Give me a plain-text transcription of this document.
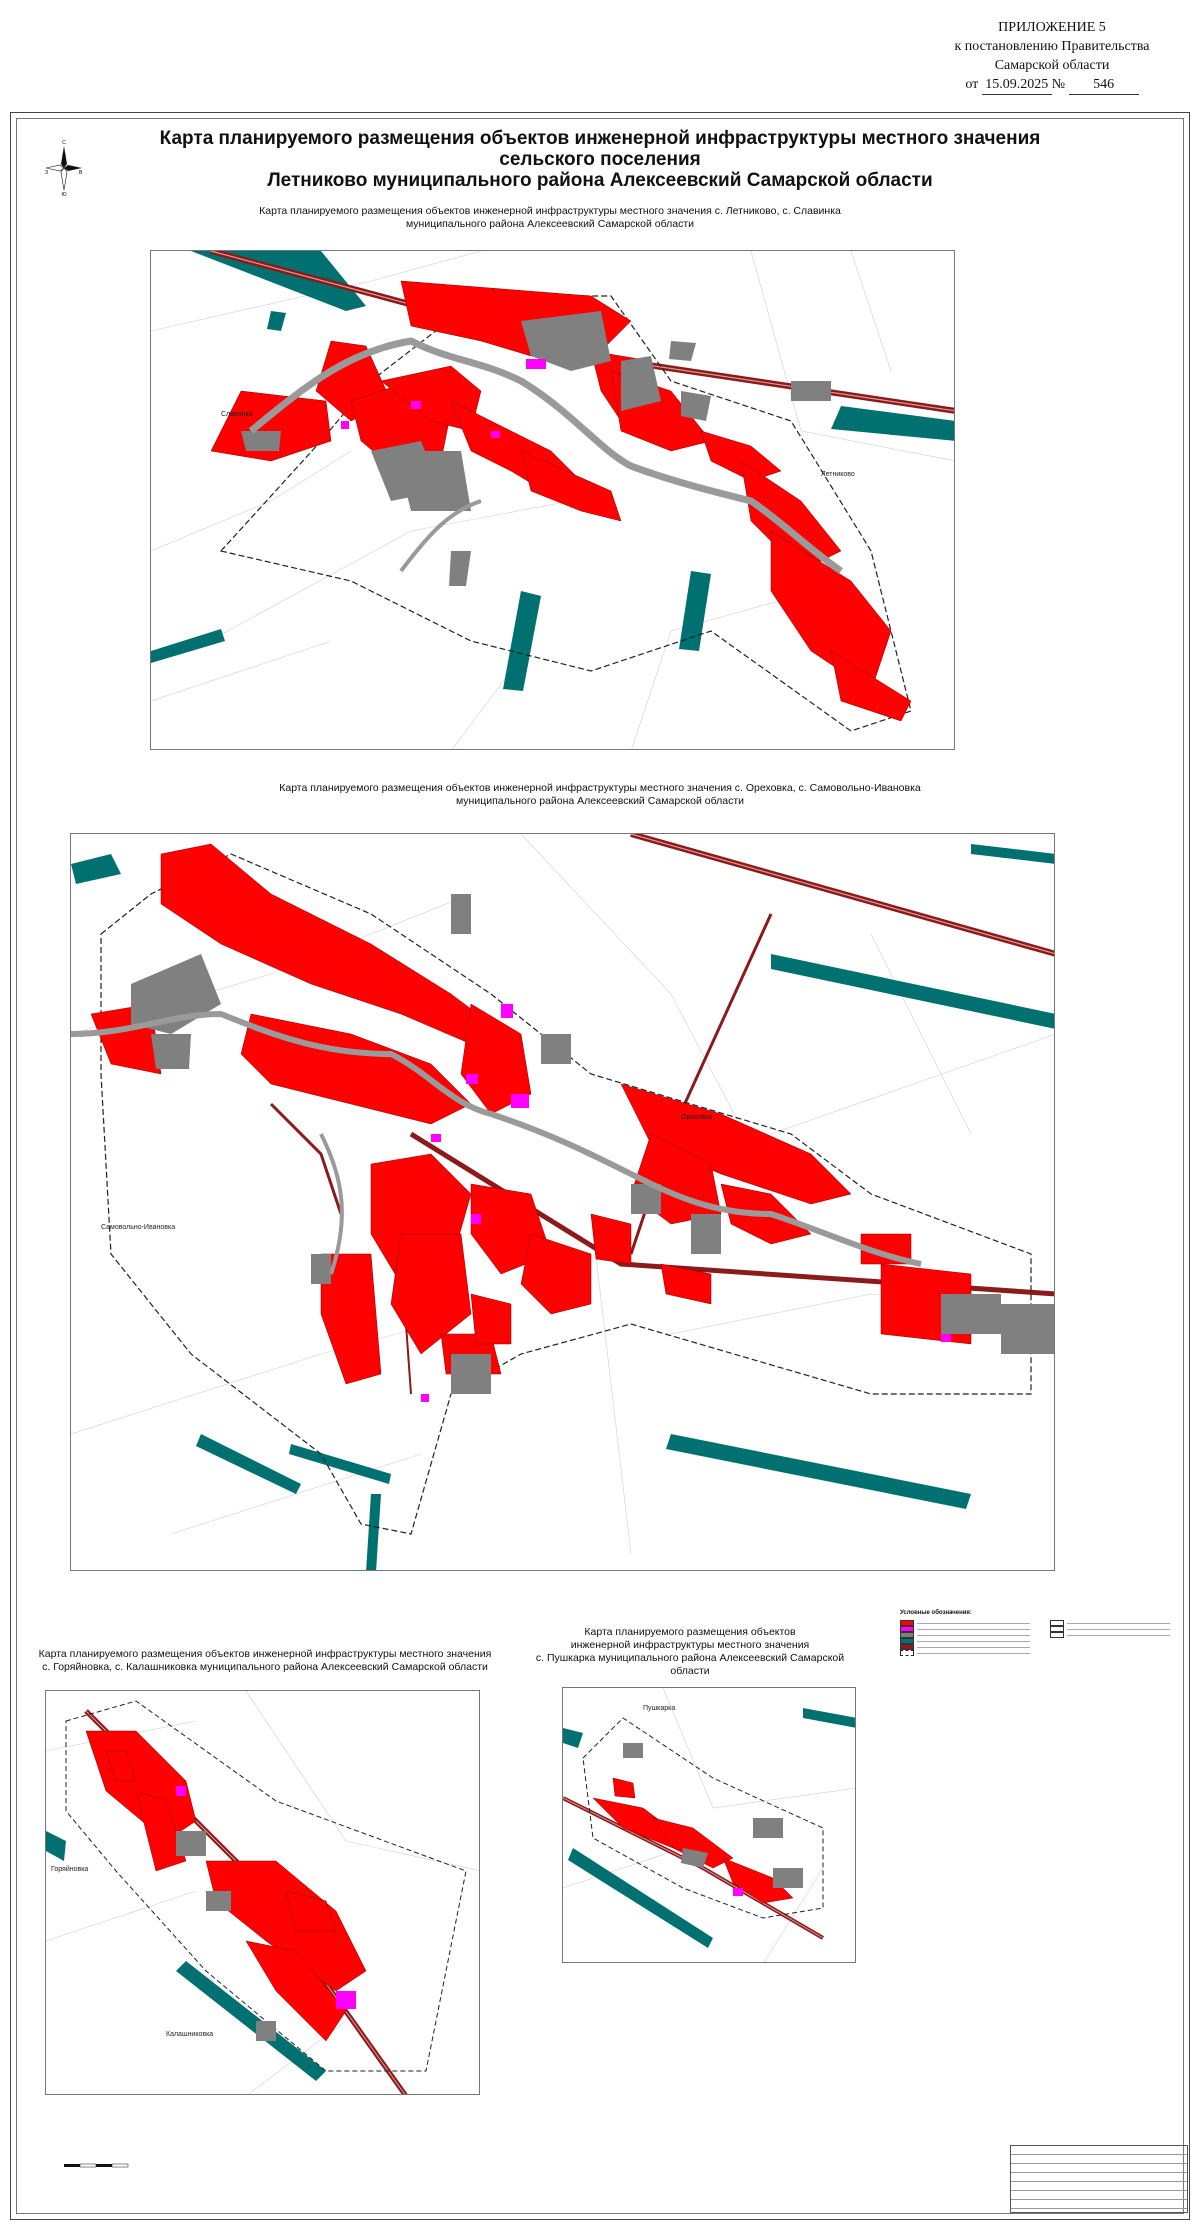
ПРИЛОЖЕНИЕ 5
к постановлению Правительства
Самарской области
от 15.09.2025 № 546
С
Ю
З	В
Карта планируемого размещения объектов инженерной инфраструктуры местного значения сельского поселения
Летниково муниципального района Алексеевский Самарской области
Карта планируемого размещения объектов инженерной инфраструктуры местного значения с. Летниково, с. Славинка
муниципального района Алексеевский Самарской области
Славинка
Летниково
Карта планируемого размещения объектов инженерной инфраструктуры местного значения с. Ореховка, с. Самовольно-Ивановка
муниципального района Алексеевский Самарской области
Самовольно-Ивановка
Ореховка
Карта планируемого размещения объектов инженерной инфраструктуры местного значения
с. Горяйновка, с. Калашниковка муниципального района Алексеевский Самарской области
Горяйновка
Калашниковка
Карта планируемого размещения объектов
инженерной инфраструктуры местного значения
с. Пушкарка муниципального района Алексеевский Самарской области
Пушкарка
Условные обозначения:
